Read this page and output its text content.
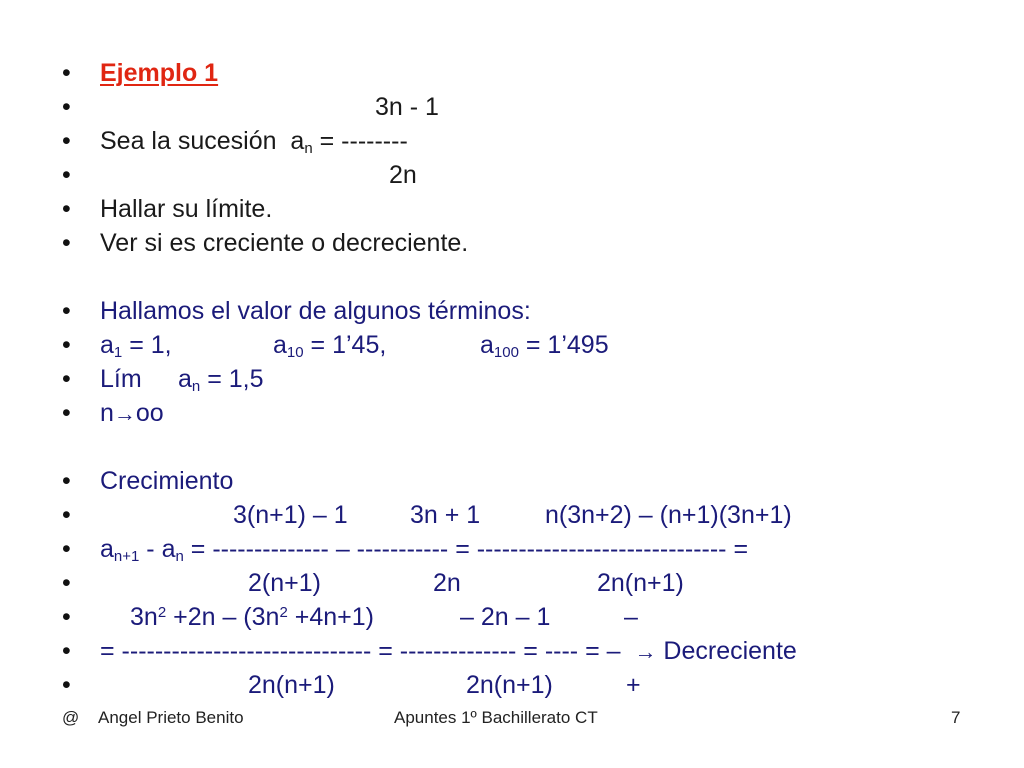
• Ejemplo 1
•	3n - 1
• Sea la sucesión $a_n$ = --------
•	2n
• Hallar su límite.
• Ver si es creciente o decreciente.
• Hallamos el valor de algunos términos:
• $a_1 = 1$,	$a_{10}$ = 1’45,	$a_{100}$ = 1’495
• Lím $a_n = 1,5$
• n→oo
• Crecimiento
•	3(n+1) – 1 3n + 1	n(3n+2) – (n+1)(3n+1)
• $a_{n+1} - a_n$ = -------------- – ----------- = ------------------------------ =
•	2(n+1)	2n	2n(n+1)
• $3n^2 +2n - (3n^2 +4n+1)$	– 2n – 1	–
• = ------------------------------ = -------------- = ---- = – → Decreciente
•	2n(n+1)	2n(n+1)	+
@ Angel Prieto Benito	Apuntes 1º Bachillerato CT	7
